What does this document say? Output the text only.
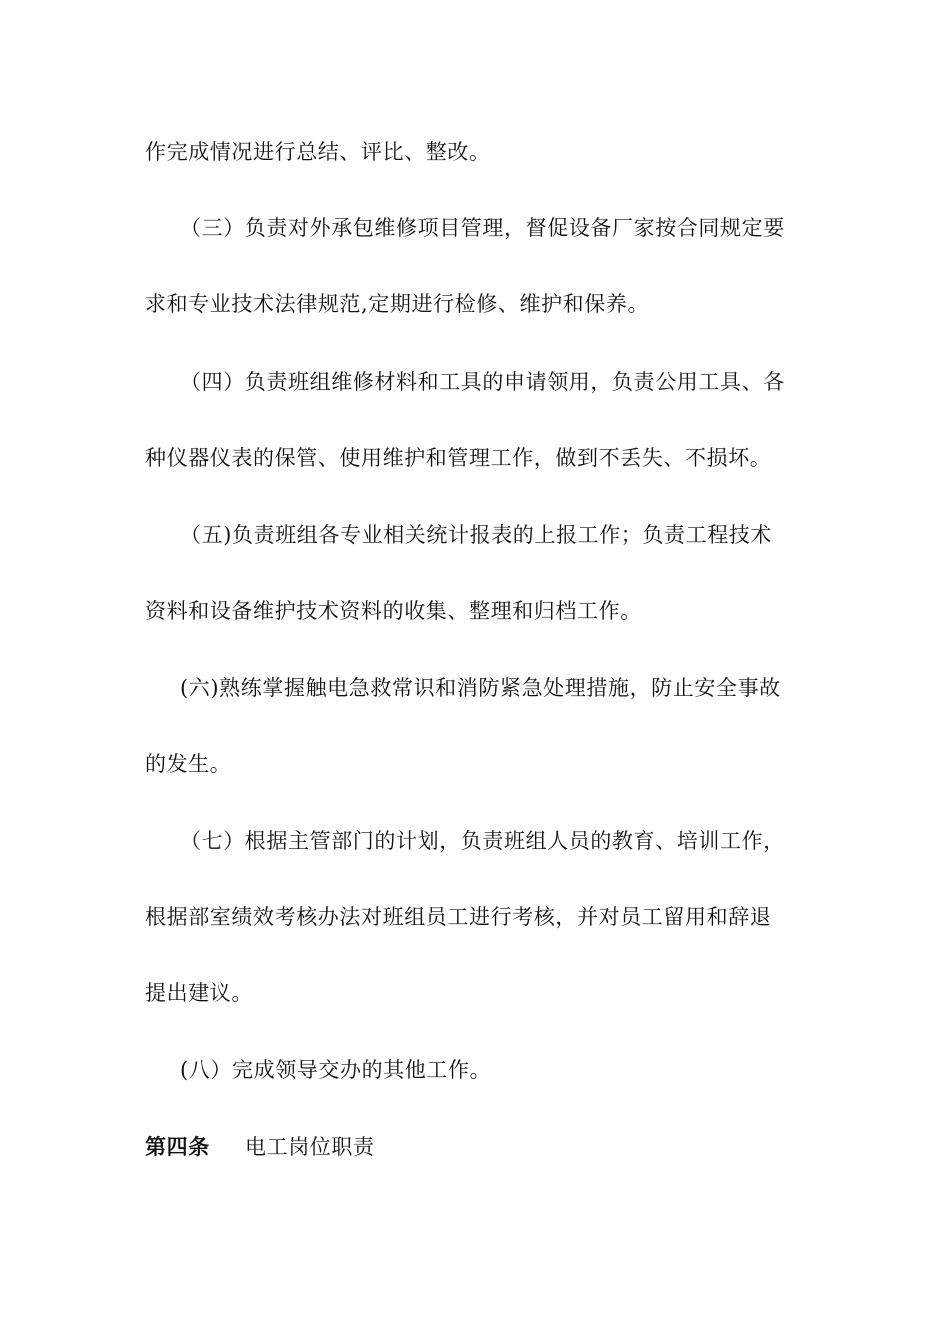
作完成情况进行总结、评比、整改。
（三）负责对外承包维修项目管理，督促设备厂家按合同规定要
求和专业技术法律规范,定期进行检修、维护和保养。
（四）负责班组维修材料和工具的申请领用，负责公用工具、各
种仪器仪表的保管、使用维护和管理工作，做到不丢失、不损坏。
（五)负责班组各专业相关统计报表的上报工作；负责工程技术
资料和设备维护技术资料的收集、整理和归档工作。
(六)熟练掌握触电急救常识和消防紧急处理措施，防止安全事故
的发生。
（七）根据主管部门的计划，负责班组人员的教育、培训工作，
根据部室绩效考核办法对班组员工进行考核，并对员工留用和辞退
提出建议。
(八）完成领导交办的其他工作。
第四条 电工岗位职责
